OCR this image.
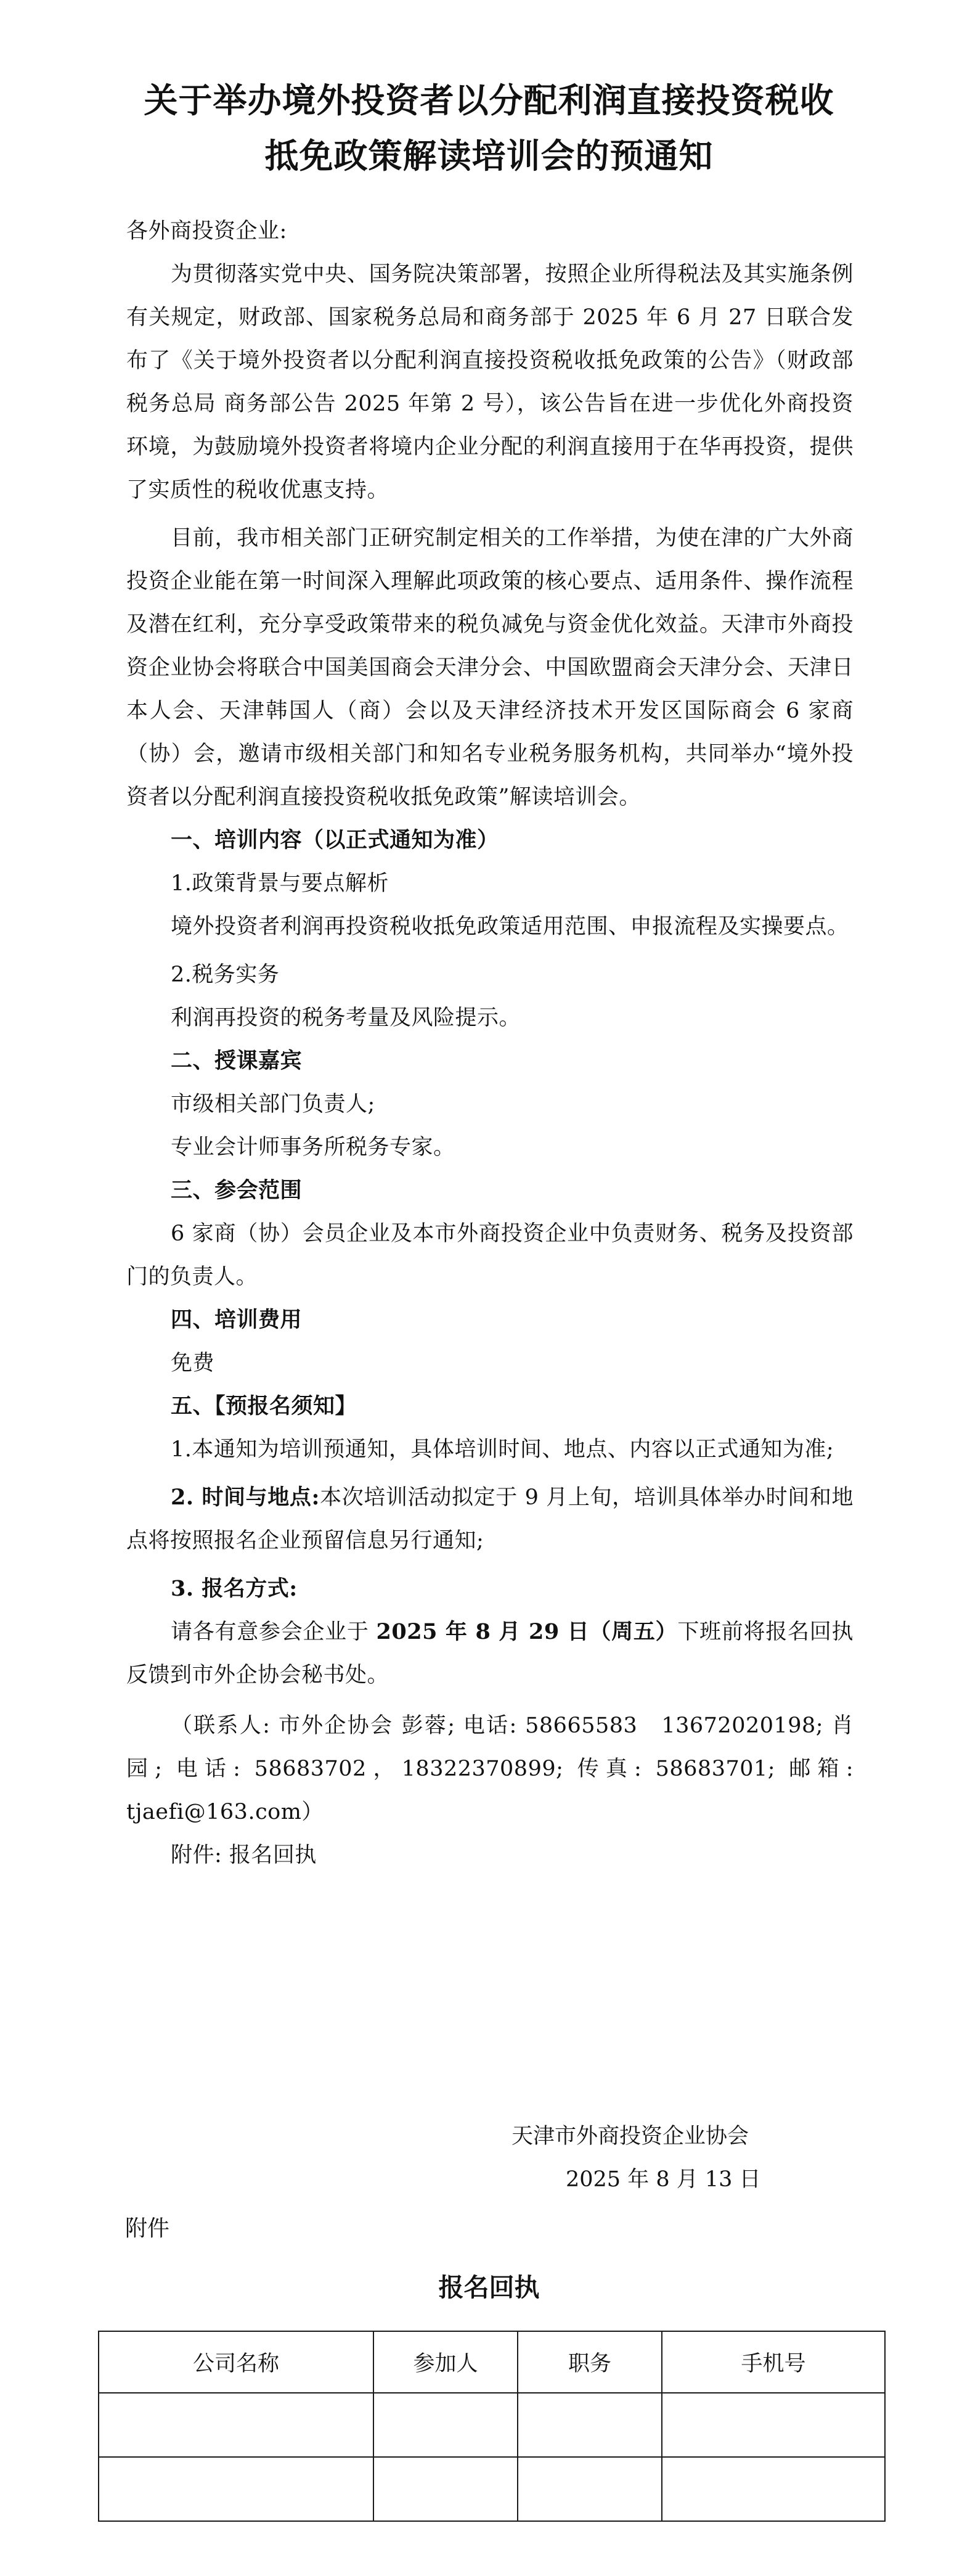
关于举办境外投资者以分配利润直接投资税收
抵免政策解读培训会的预通知

各外商投资企业:

为贯彻落实党中央、国务院决策部署，按照企业所得税法及其实施条例有关规定，财政部、国家税务总局和商务部于 2025 年 6 月 27 日联合发布了《关于境外投资者以分配利润直接投资税收抵免政策的公告》（财政部 税务总局 商务部公告 2025 年第 2 号），该公告旨在进一步优化外商投资环境，为鼓励境外投资者将境内企业分配的利润直接用于在华再投资，提供了实质性的税收优惠支持。

目前，我市相关部门正研究制定相关的工作举措，为使在津的广大外商投资企业能在第一时间深入理解此项政策的核心要点、适用条件、操作流程及潜在红利，充分享受政策带来的税负减免与资金优化效益。天津市外商投资企业协会将联合中国美国商会天津分会、中国欧盟商会天津分会、天津日本人会、天津韩国人（商）会以及天津经济技术开发区国际商会 6 家商（协）会，邀请市级相关部门和知名专业税务服务机构，共同举办“境外投资者以分配利润直接投资税收抵免政策”解读培训会。

一、培训内容（以正式通知为准）

1.政策背景与要点解析

境外投资者利润再投资税收抵免政策适用范围、申报流程及实操要点。

2.税务实务

利润再投资的税务考量及风险提示。

二、授课嘉宾

市级相关部门负责人;

专业会计师事务所税务专家。

三、参会范围

6 家商（协）会员企业及本市外商投资企业中负责财务、税务及投资部门的负责人。

四、培训费用

免费

五、【预报名须知】

1.本通知为培训预通知，具体培训时间、地点、内容以正式通知为准;

2. 时间与地点:本次培训活动拟定于 9 月上旬，培训具体举办时间和地点将按照报名企业预留信息另行通知;

3. 报名方式:

请各有意参会企业于 2025 年 8 月 29 日（周五）下班前将报名回执反馈到市外企协会秘书处。

（联系人: 市外企协会 彭蓉; 电话: 58665583　13672020198; 肖园; 电话: 58683702，18322370899; 传真: 58683701; 邮箱: tjaefi@163.com）

附件: 报名回执

天津市外商投资企业协会
2025 年 8 月 13 日
附件
报名回执
公司名称	参加人	职务	手机号
